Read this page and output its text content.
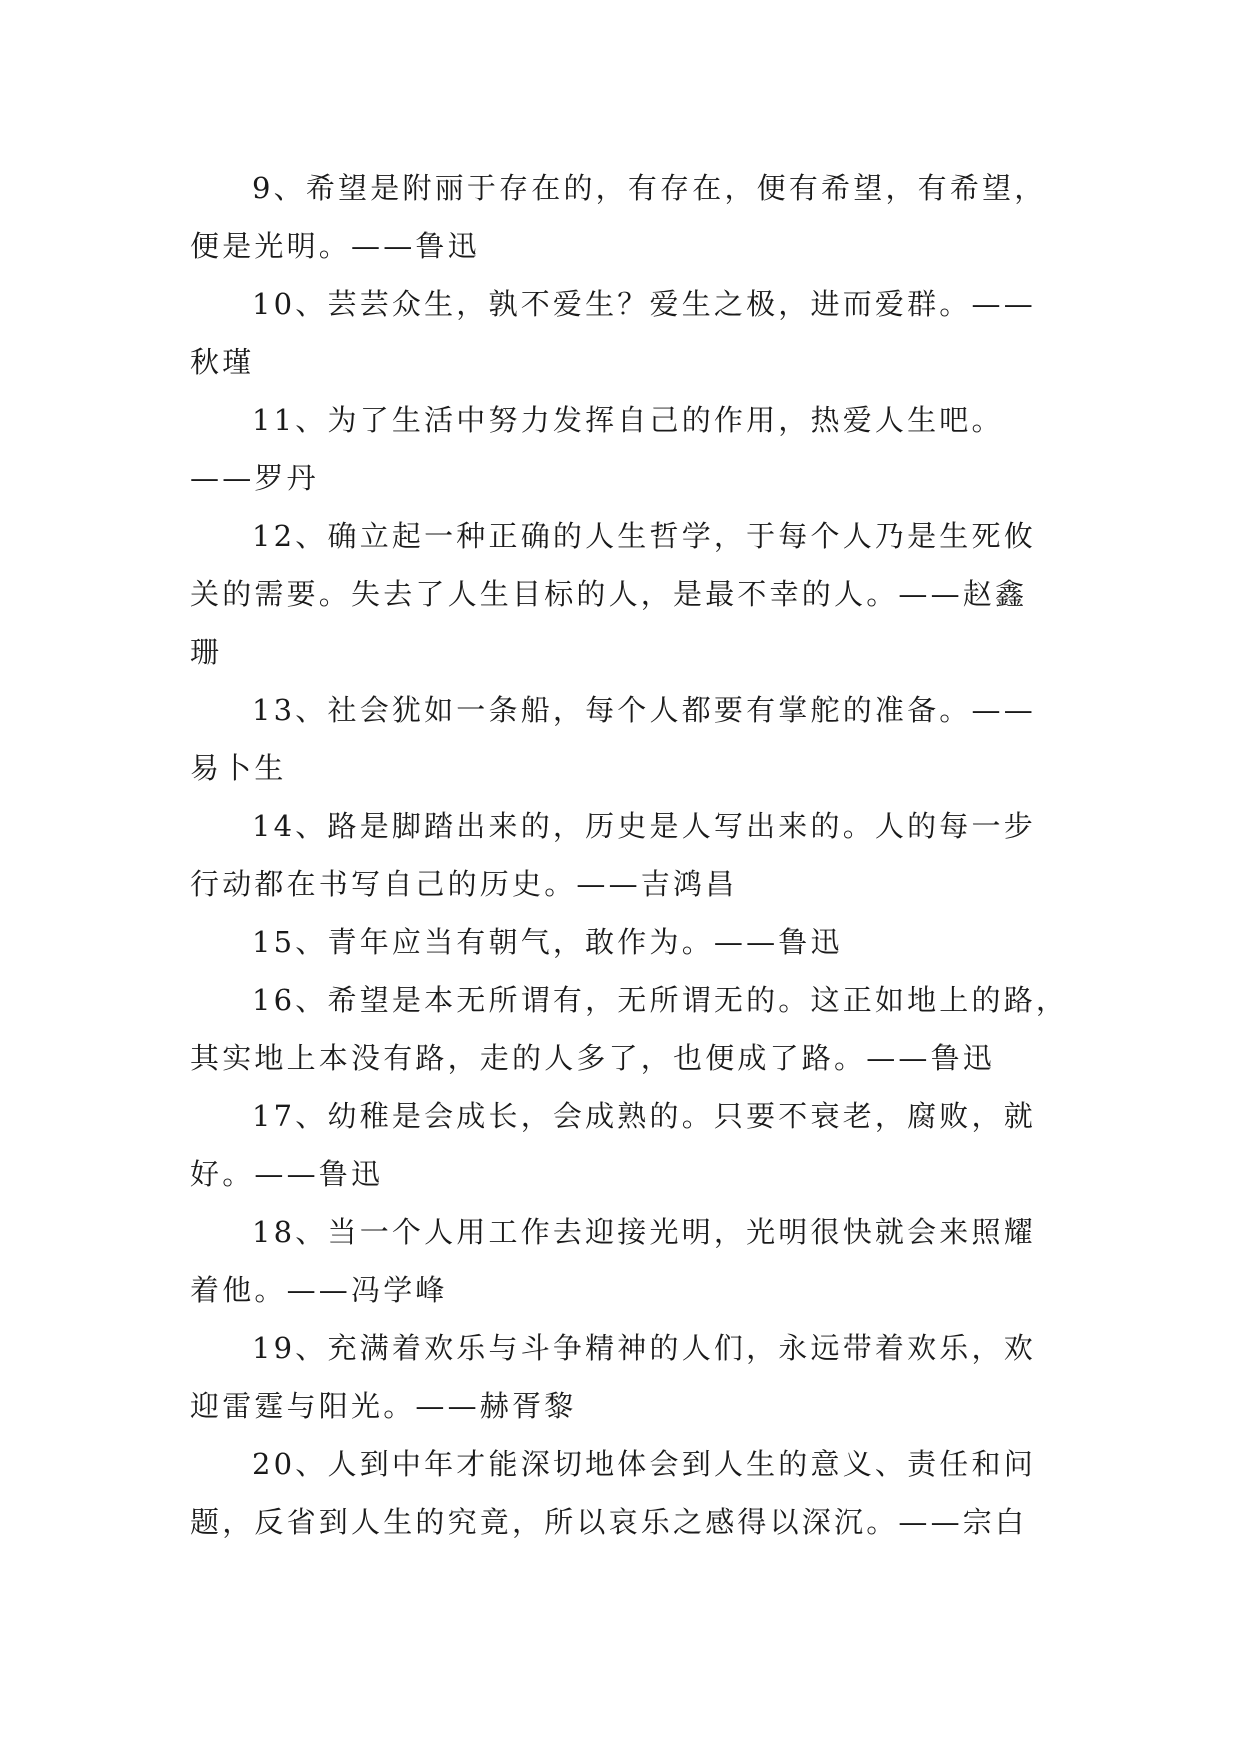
9、希望是附丽于存在的，有存在，便有希望，有希望，
便是光明。——鲁迅
10、芸芸众生，孰不爱生？爱生之极，进而爱群。——
秋瑾
11、为了生活中努力发挥自己的作用，热爱人生吧。
——罗丹
12、确立起一种正确的人生哲学，于每个人乃是生死攸
关的需要。失去了人生目标的人，是最不幸的人。——赵鑫
珊
13、社会犹如一条船，每个人都要有掌舵的准备。——
易卜生
14、路是脚踏出来的，历史是人写出来的。人的每一步
行动都在书写自己的历史。——吉鸿昌
15、青年应当有朝气，敢作为。——鲁迅
16、希望是本无所谓有，无所谓无的。这正如地上的路，
其实地上本没有路，走的人多了，也便成了路。——鲁迅
17、幼稚是会成长，会成熟的。只要不衰老，腐败，就
好。——鲁迅
18、当一个人用工作去迎接光明，光明很快就会来照耀
着他。——冯学峰
19、充满着欢乐与斗争精神的人们，永远带着欢乐，欢
迎雷霆与阳光。——赫胥黎
20、人到中年才能深切地体会到人生的意义、责任和问
题，反省到人生的究竟，所以哀乐之感得以深沉。——宗白
